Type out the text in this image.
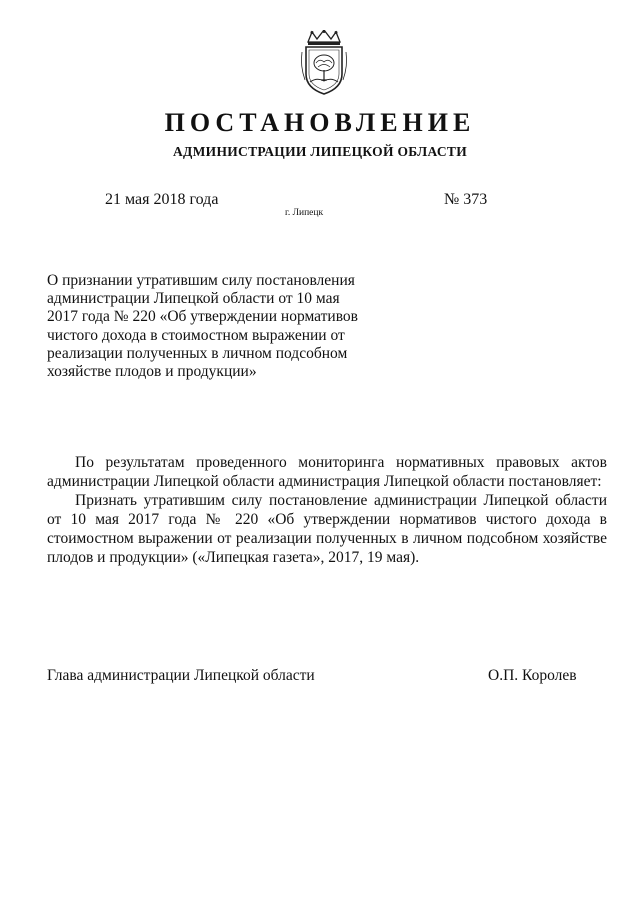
ПОСТАНОВЛЕНИЕ
АДМИНИСТРАЦИИ ЛИПЕЦКОЙ ОБЛАСТИ
21 мая 2018 года
г. Липецк
№ 373
О признании утратившим силу постановления
администрации Липецкой области от 10 мая
2017 года № 220 «Об утверждении нормативов
чистого дохода в стоимостном выражении от
реализации полученных в личном подсобном
хозяйстве плодов и продукции»

По результатам проведенного мониторинга нормативных правовых актов администрации Липецкой области администрация Липецкой области постановляет:

Признать утратившим силу постановление администрации Липецкой области от 10 мая 2017 года № 220 «Об утверждении нормативов чистого дохода в стоимостном выражении от реализации полученных в личном подсобном хозяйстве плодов и продукции» («Липецкая газета», 2017, 19 мая).

Глава администрации Липецкой области	О.П. Королев
